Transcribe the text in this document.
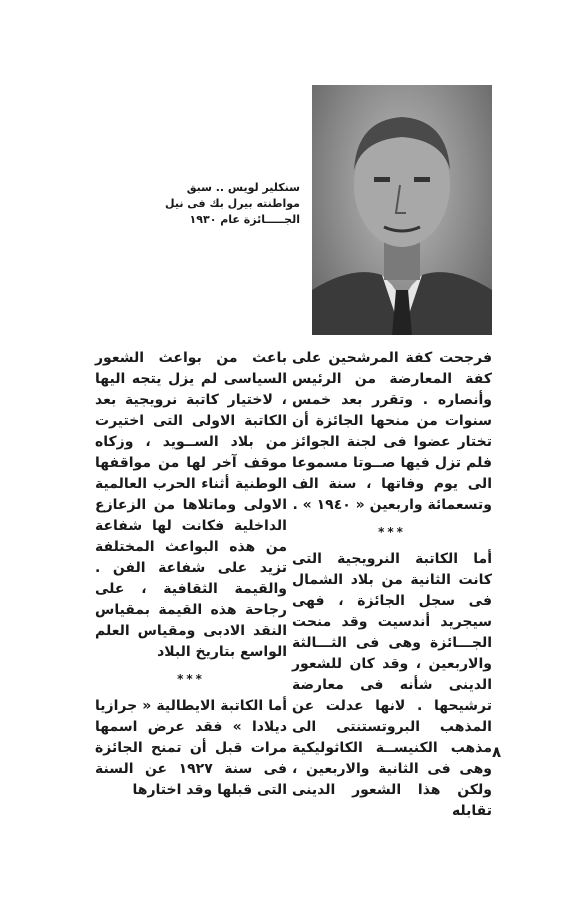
سنكلير لويس .. سبق
مواطنته بيرل بك فى نيل
الجـــــائزة عام ١٩٣٠

فرجحت كفة المرشحين على كفة المعارضة من الرئيس وأنصاره . وتقرر بعد خمس سنوات من منحها الجائزة أن تختار عضوا فى لجنة الجوائز فلم تزل فيها صــوتا مسموعا الى يوم وفاتها ، سنة الف وتسعمائة واربعين « ١٩٤٠ » .

***

أما الكاتبة النرويجية التى كانت الثانية من بلاد الشمال فى سجل الجائزة ، فهى سيجريد أندسيت وقد منحت الجـــائزة وهى فى الثـــالثة والاربعين ، وقد كان للشعور الدينى شأنه فى معارضة ترشيحها . لانها عدلت عن المذهب البروتستنتى الى مذهب الكنيســة الكاثوليكية وهى فى الثانية والاربعين ، ولكن هذا الشعور الدينى تقابله

باعث من بواعث الشعور السياسى لم يزل يتجه اليها ، لاختيار كاتبة نرويجية بعد الكاتبة الاولى التى اختيرت من بلاد الســويد ، وزكاه موقف آخر لها من مواقفها الوطنية أثناء الحرب العالمية الاولى وماتلاها من الزعازع الداخلية فكانت لها شفاعة من هذه البواعث المختلفة تزيد على شفاعة الفن . والقيمة الثقافية ، على رجاحة هذه القيمة بمقياس النقد الادبى ومقياس العلم الواسع بتاريخ البلاد

***

أما الكاتبة الايطالية « جرازيا ديلادا » فقد عرض اسمها مرات قبل أن تمنح الجائزة فى سنة ١٩٢٧ عن السنة التى قبلها وقد اختارها

٨
